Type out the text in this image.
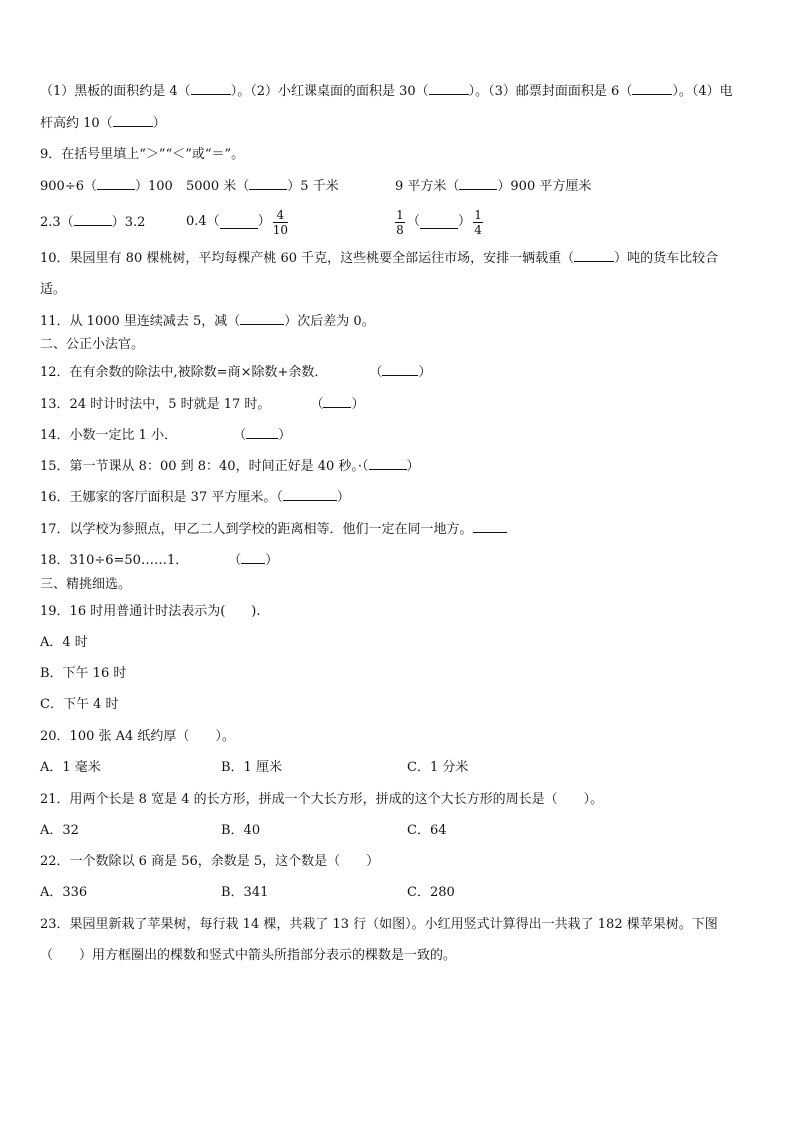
（1）黑板的面积约是 4（	）。（2）小红课桌面的面积是 30（	）。（3）邮票封面面积是 6（	）。（4）电
杆高约 10（	）
9．在括号里填上“＞”“＜”或“＝”。
900÷6（	）100 5000 米（	）5 千米	9 平方米（	）900 平方厘米
2.3（	）3.2	0.4（	） $\frac{4}{10}$	$\frac{1}{8}$ （	） $\frac{1}{4}$
10．果园里有 80 棵桃树，平均每棵产桃 60 千克，这些桃要全部运往市场，安排一辆载重（	）吨的货车比较合
适。
11．从 1000 里连续减去 5，减（	）次后差为 0。
二、公正小法官。
12．在有余数的除法中,被除数=商×除数+余数．	（	）
13．24 时计时法中，5 时就是 17 时。	（ ）
14．小数一定比 1 小．	（ ）
15．第一节课从 8：00 到 8：40，时间正好是 40 秒。·（	）
16．王娜家的客厅面积是 37 平方厘米。（	）
17．以学校为参照点，甲乙二人到学校的距离相等．他们一定在同一地方。
18．310÷6=50……1．	（ ）
三、精挑细选。
19．16 时用普通计时法表示为(　　).
A．4 时
B．下午 16 时
C．下午 4 时
20．100 张 A4 纸约厚（　　）。
A．1 毫米	B．1 厘米	C．1 分米
21．用两个长是 8 宽是 4 的长方形，拼成一个大长方形，拼成的这个大长方形的周长是（　　）。
A．32	B．40	C．64
22．一个数除以 6 商是 56，余数是 5，这个数是（　　）
A．336	B．341	C．280
23．果园里新栽了苹果树，每行栽 14 棵，共栽了 13 行（如图）。小红用竖式计算得出一共栽了 182 棵苹果树。下图
（　　）用方框圈出的棵数和竖式中箭头所指部分表示的棵数是一致的。
